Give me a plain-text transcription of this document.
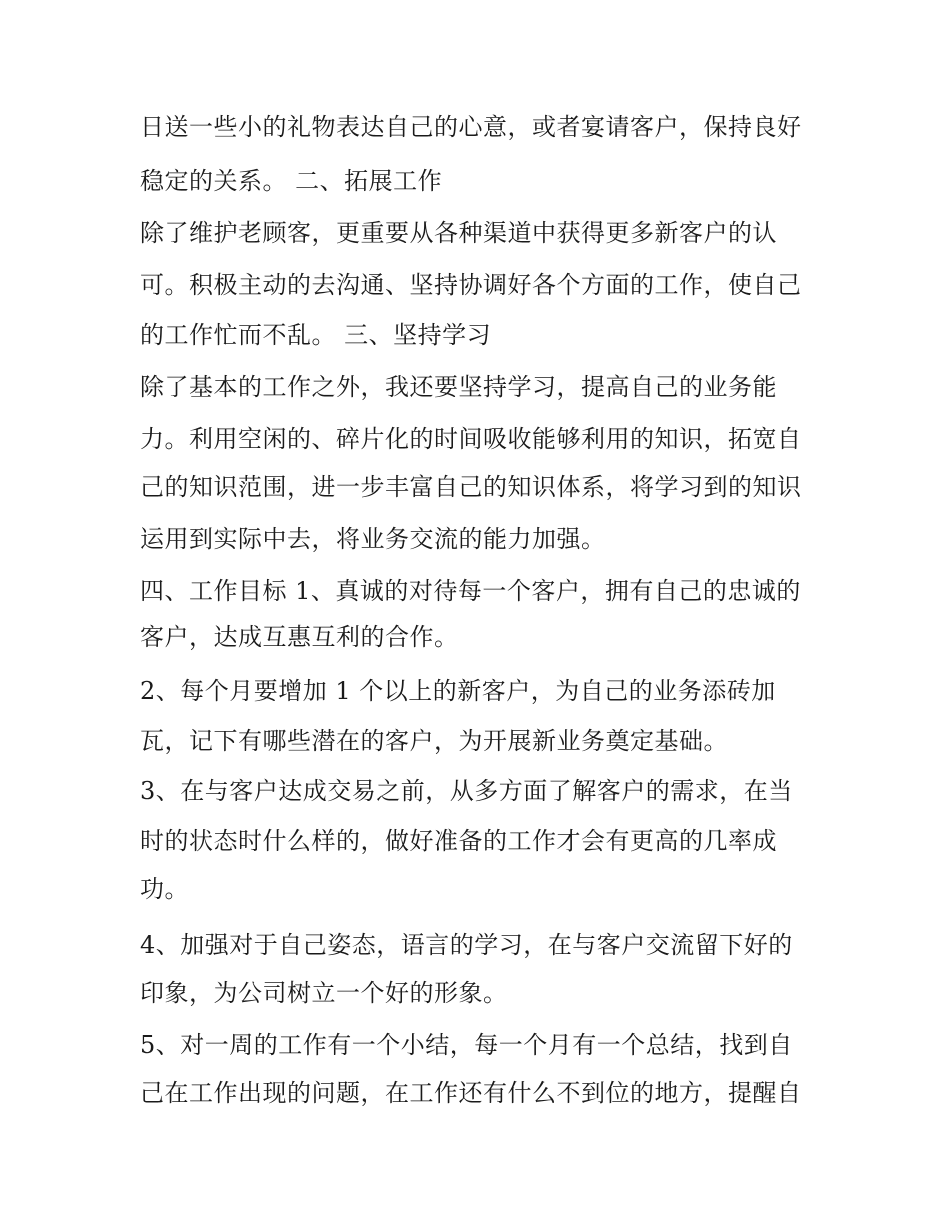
日送一些小的礼物表达自己的心意，或者宴请客户，保持良好
稳定的关系。 二、拓展工作
除了维护老顾客，更重要从各种渠道中获得更多新客户的认
可。积极主动的去沟通、坚持协调好各个方面的工作，使自己
的工作忙而不乱。 三、坚持学习
除了基本的工作之外，我还要坚持学习，提高自己的业务能
力。利用空闲的、碎片化的时间吸收能够利用的知识，拓宽自
己的知识范围，进一步丰富自己的知识体系，将学习到的知识
运用到实际中去，将业务交流的能力加强。
四、工作目标 1、真诚的对待每一个客户，拥有自己的忠诚的
客户，达成互惠互利的合作。
2、每个月要增加 1 个以上的新客户，为自己的业务添砖加
瓦，记下有哪些潜在的客户，为开展新业务奠定基础。
3、在与客户达成交易之前，从多方面了解客户的需求，在当
时的状态时什么样的，做好准备的工作才会有更高的几率成
功。
4、加强对于自己姿态，语言的学习，在与客户交流留下好的
印象，为公司树立一个好的形象。
5、对一周的工作有一个小结，每一个月有一个总结，找到自
己在工作出现的问题，在工作还有什么不到位的地方，提醒自
